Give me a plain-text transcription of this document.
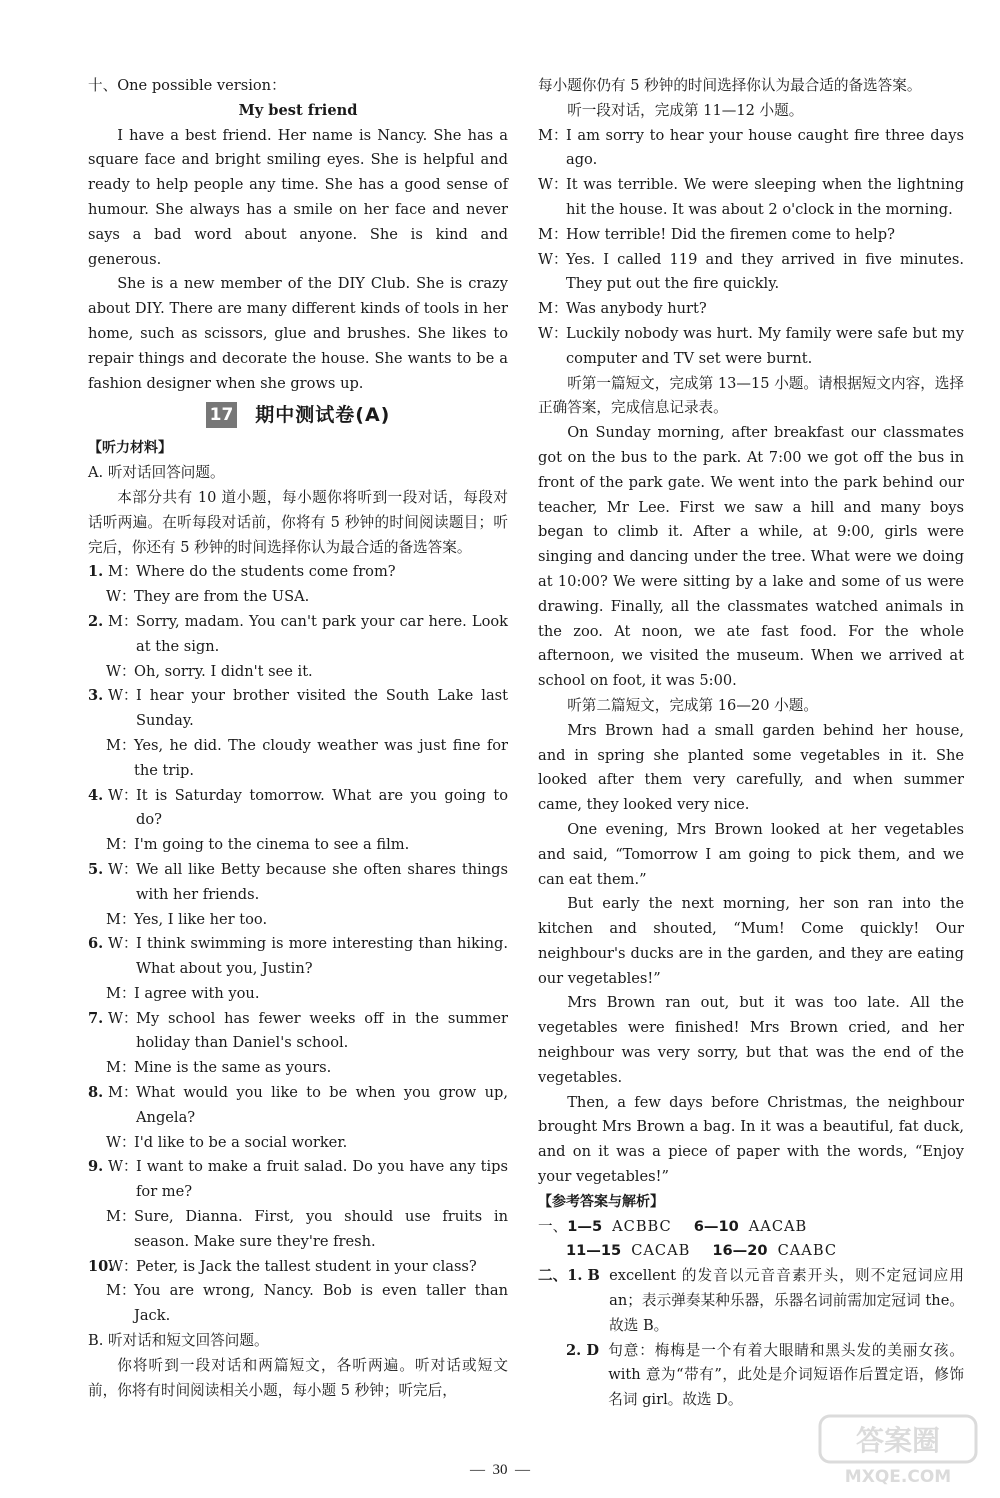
十、One possible version：

My best friend

I have a best friend. Her name is Nancy. She has a square face and bright smiling eyes. She is helpful and ready to help people any time. She has a good sense of humour. She always has a smile on her face and never says a bad word about anyone. She is kind and generous.

She is a new member of the DIY Club. She is crazy about DIY. There are many different kinds of tools in her home, such as scissors, glue and brushes. She likes to repair things and decorate the house. She wants to be a fashion designer when she grows up.

17 期中测试卷(A)

【听力材料】

A. 听对话回答问题。

本部分共有 10 道小题，每小题你将听到一段对话，每段对话听两遍。在听每段对话前，你将有 5 秒钟的时间阅读题目；听完后，你还有 5 秒钟的时间选择你认为最合适的备选答案。

1. M：
Where do the students come from?
W：
They are from the USA.
2. M：
Sorry, madam. You can't park your car here. Look at the sign.
W：
Oh, sorry. I didn't see it.
3. W：
I hear your brother visited the South Lake last Sunday.
M：
Yes, he did. The cloudy weather was just fine for the trip.
4. W：
It is Saturday tomorrow. What are you going to do?
M：
I'm going to the cinema to see a film.
5. W：
We all like Betty because she often shares things with her friends.
M：
Yes, I like her too.
6. W：
I think swimming is more interesting than hiking. What about you, Justin?
M：
I agree with you.
7. W：
My school has fewer weeks off in the summer holiday than Daniel's school.
M：
Mine is the same as yours.
8. M：
What would you like to be when you grow up, Angela?
W：
I'd like to be a social worker.
9. W：
I want to make a fruit salad. Do you have any tips for me?
M：
Sure, Dianna. First, you should use fruits in season. Make sure they're fresh.
10.
W：
Peter, is Jack the tallest student in your class?
M：
You are wrong, Nancy. Bob is even taller than Jack.

B. 听对话和短文回答问题。

你将听到一段对话和两篇短文，各听两遍。听对话或短文前，你将有时间阅读相关小题，每小题 5 秒钟；听完后，

每小题你仍有 5 秒钟的时间选择你认为最合适的备选答案。

听一段对话，完成第 11—12 小题。

M：
I am sorry to hear your house caught fire three days ago.
W：
It was terrible. We were sleeping when the lightning hit the house. It was about 2 o'clock in the morning.
M：
How terrible! Did the firemen come to help?
W：
Yes. I called 119 and they arrived in five minutes. They put out the fire quickly.
M：
Was anybody hurt?
W：
Luckily nobody was hurt. My family were safe but my computer and TV set were burnt.

听第一篇短文，完成第 13—15 小题。请根据短文内容，选择正确答案，完成信息记录表。

On Sunday morning, after breakfast our classmates got on the bus to the park. At 7:00 we got off the bus in front of the park gate. We went into the park behind our teacher, Mr Lee. First we saw a hill and many boys began to climb it. After a while, at 9:00, girls were singing and dancing under the tree. What were we doing at 10:00? We were sitting by a lake and some of us were drawing. Finally, all the classmates watched animals in the zoo. At noon, we ate fast food. For the whole afternoon, we visited the museum. When we arrived at school on foot, it was 5:00.

听第二篇短文，完成第 16—20 小题。

Mrs Brown had a small garden behind her house, and in spring she planted some vegetables in it. She looked after them very carefully, and when summer came, they looked very nice.

One evening, Mrs Brown looked at her vegetables and said, “Tomorrow I am going to pick them, and we can eat them.”

But early the next morning, her son ran into the kitchen and shouted, “Mum! Come quickly! Our neighbour's ducks are in the garden, and they are eating our vegetables!”

Mrs Brown ran out, but it was too late. All the vegetables were finished! Mrs Brown cried, and her neighbour was very sorry, but that was the end of the vegetables.

Then, a few days before Christmas, the neighbour brought Mrs Brown a bag. In it was a beautiful, fat duck, and on it was a piece of paper with the words, “Enjoy your vegetables!”

【参考答案与解析】

一、1—5 ACBBC 6—10 AACAB

11—15 CACAB 16—20 CAABC

二、1. B excellent 的发音以元音音素开头，则不定冠词应用 an；表示弹奏某种乐器，乐器名词前需加定冠词 the。故选 B。
2. D 句意：梅梅是一个有着大眼睛和黑头发的美丽女孩。with 意为“带有”，此处是介词短语作后置定语，修饰名词 girl。故选 D。
— 30 —
答案圈
MXQE.COM
